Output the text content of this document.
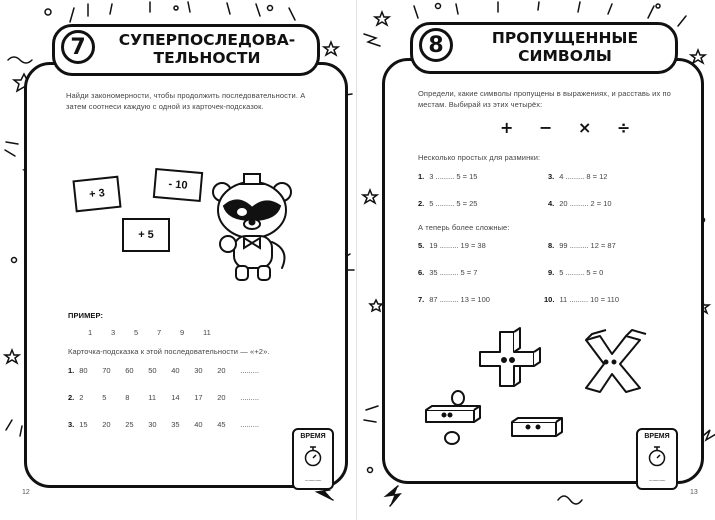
7	СУПЕРПОСЛЕДОВА-ТЕЛЬНОСТИ
Найди закономерности, чтобы продолжить последовательности. А затем соотнеси каждую с одной из карточек-подсказок.
+ 3
- 10
+ 5
ПРИМЕР:
1	3	5	7	9	11
Карточка-подсказка к этой последовательности — «+2».
1. 80 70 60 50 40 30 20 .........
2. 2	5	8	11 14 17 20 .........
3. 15 20 25 30 35 40 45 .........
ВРЕМЯ
..............
12
8	ПРОПУЩЕННЫЕ СИМВОЛЫ
Определи, какие символы пропущены в выражениях, и расставь их по местам. Выбирай из этих четырёх:
+ − × ÷
Несколько простых для разминки:
1. 3 ......... 5 = 15	3. 4 ......... 8 = 12
2. 5 ......... 5 = 25	4. 20 ......... 2 = 10
А теперь более сложные:
5. 19 ......... 19 = 38	8. 99 ......... 12 = 87
6. 35 ......... 5 = 7	9. 5 ......... 5 = 0
7. 87 ......... 13 = 100	10. 11 ......... 10 = 110
ВРЕМЯ
..............
13
